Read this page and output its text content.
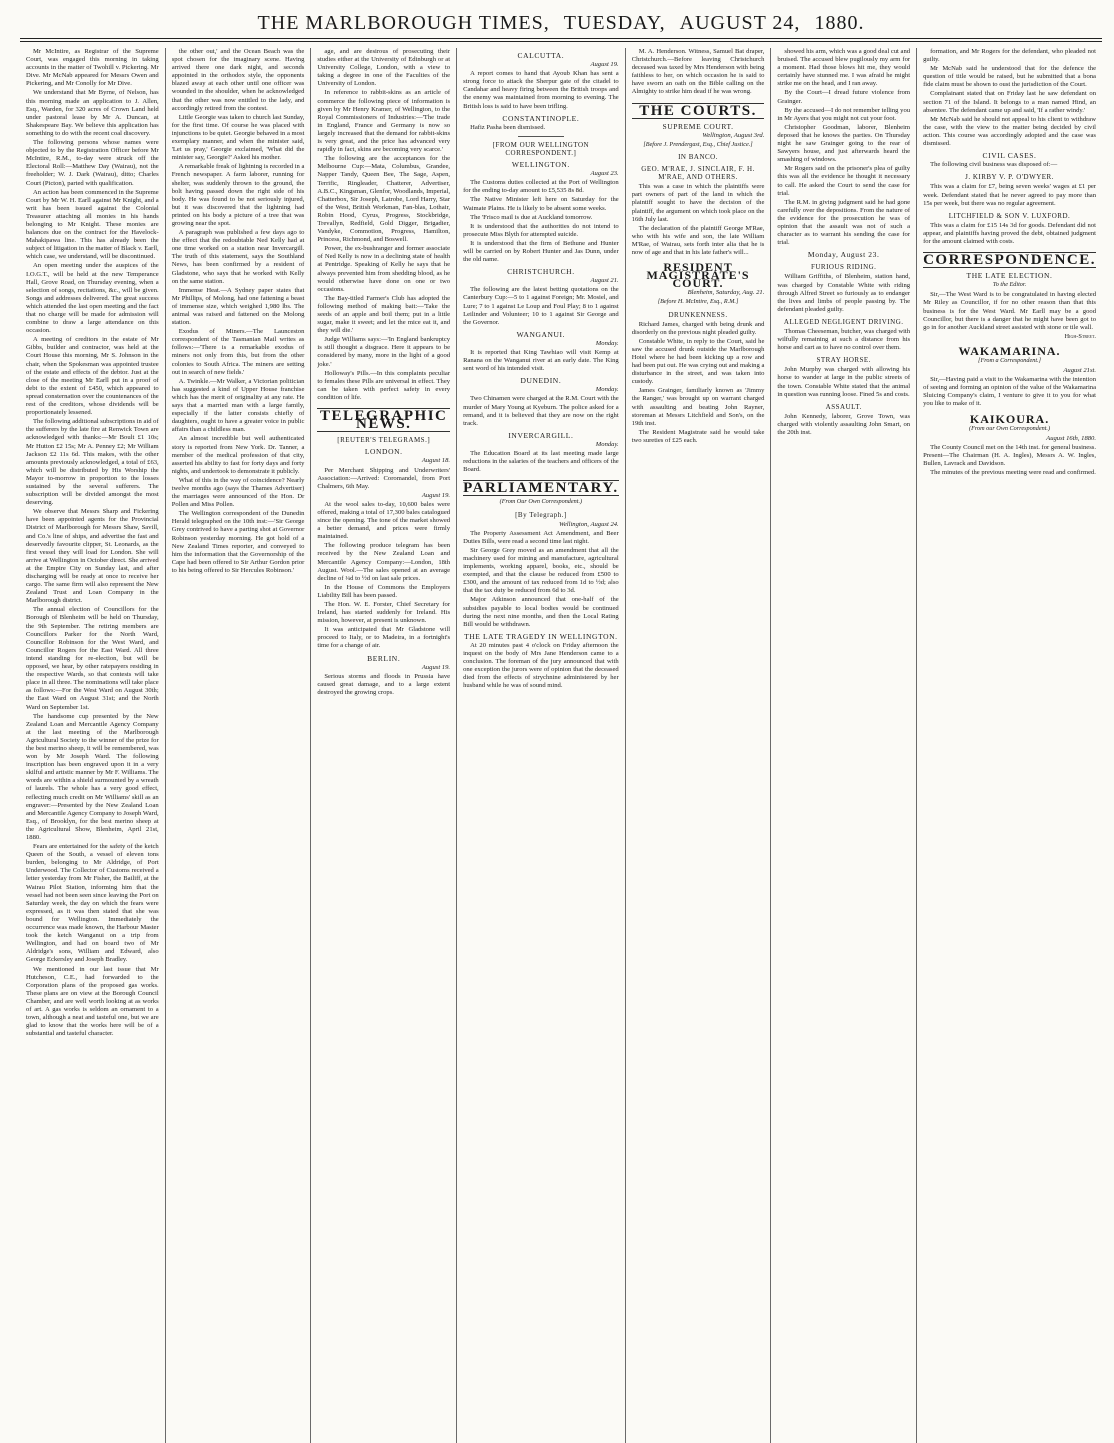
THE MARLBOROUGH TIMES, TUESDAY, AUGUST 24, 1880.

Mr McIntire, as Registrar of the Supreme Court, was engaged this morning in taking accounts in the matter of Twohill v. Pickering. Mr Dive. Mr McNab appeared for Messrs Owen and Pickering, and Mr Conolly for Mr Dive.

We understand that Mr Byrne, of Nelson, has this morning made an application to J. Allen, Esq., Warden, for 320 acres of Crown Land held under pastoral lease by Mr A. Duncan, at Shakespeare Bay. We believe this application has something to do with the recent coal discovery.

The following persons whose names were objected to by the Registration Officer before Mr McIntire, R.M., to-day were struck off the Electoral Roll:—Matthew Day (Wairau), not the freeholder; W. J. Dark (Wairau), ditto; Charles Court (Picton), parted with qualification.

An action has been commenced in the Supreme Court by Mr W. H. Earll against Mr Knight, and a writ has been issued against the Colonial Treasurer attaching all monies in his hands belonging to Mr Knight. These monies are balances due on the contract for the Havelock-Mahakipawa line. This has already been the subject of litigation in the matter of Black v. Earll, which case, we understand, will be discontinued.

An open meeting under the auspices of the I.O.G.T., will be held at the new Temperance Hall, Grove Road, on Thursday evening, when a selection of songs, recitations, &c., will be given. Songs and addresses delivered. The great success which attended the last open meeting and the fact that no charge will be made for admission will combine to draw a large attendance on this occasion.

A meeting of creditors in the estate of Mr Gibbs, builder and contractor, was held at the Court House this morning, Mr S. Johnson in the chair, when the Spokesman was appointed trustee of the estate and effects of the debtor. Just at the close of the meeting Mr Earll put in a proof of debt to the extent of £450, which appeared to spread consternation over the countenances of the rest of the creditors, whose dividends will be proportionately lessened.

The following additional subscriptions in aid of the sufferers by the late fire at Renwick Town are acknowledged with thanks:—Mr Boult £1 10s; Mr Hutton £2 15s; Mr A. Penney £2; Mr William Jackson £2 11s 6d. This makes, with the other amounts previously acknowledged, a total of £63, which will be distributed by His Worship the Mayor to-morrow in proportion to the losses sustained by the several sufferers. The subscription will be divided amongst the most deserving.

We observe that Messrs Sharp and Fickering have been appointed agents for the Provincial District of Marlborough for Messrs Shaw, Savill, and Co.'s line of ships, and advertise the fast and deservedly favourite clipper, St. Leonards, as the first vessel they will load for London. She will arrive at Wellington in October direct. She arrived at the Empire City on Sunday last, and after discharging will be ready at once to receive her cargo. The same firm will also represent the New Zealand Trust and Loan Company in the Marlborough district.

The annual election of Councillors for the Borough of Blenheim will be held on Thursday, the 9th September. The retiring members are Councillors Parker for the North Ward, Councillor Robinson for the West Ward, and Councillor Rogers for the East Ward. All three intend standing for re-election, but will be opposed, we hear, by other ratepayers residing in the respective Wards, so that contests will take place in all three. The nominations will take place as follows:—For the West Ward on August 30th; the East Ward on August 31st; and the North Ward on September 1st.

The handsome cup presented by the New Zealand Loan and Mercantile Agency Company at the last meeting of the Marlborough Agricultural Society to the winner of the prize for the best merino sheep, it will be remembered, was won by Mr Joseph Ward. The following inscription has been engraved upon it in a very skilful and artistic manner by Mr F. Williams. The words are within a shield surmounted by a wreath of laurels. The whole has a very good effect, reflecting much credit on Mr Williams' skill as an engraver:—Presented by the New Zealand Loan and Mercantile Agency Company to Joseph Ward, Esq., of Brooklyn, for the best merino sheep at the Agricultural Show, Blenheim, April 21st, 1880.

Fears are entertained for the safety of the ketch Queen of the South, a vessel of eleven tons burden, belonging to Mr Aldridge, of Port Underwood. The Collector of Customs received a letter yesterday from Mr Fisher, the Bailiff, at the Wairau Pilot Station, informing him that the vessel had not been seen since leaving the Port on Saturday week, the day on which the fears were expressed, as it was then stated that she was bound for Wellington. Immediately the occurrence was made known, the Harbour Master took the ketch Wanganui on a trip from Wellington, and had on board two of Mr Aldridge's sons, William and Edward, also George Eckersley and Joseph Bradley.

We mentioned in our last issue that Mr Hutcheson, C.E., had forwarded to the Corporation plans of the proposed gas works. These plans are on view at the Borough Council Chamber, and are well worth looking at as works of art. A gas works is seldom an ornament to a town, although a neat and tasteful one, but we are glad to know that the works here will be of a substantial and tasteful character.

the other out,' and the Ocean Beach was the spot chosen for the imaginary scene. Having arrived there one dark night, and seconds appointed in the orthodox style, the opponents blazed away at each other until one officer was wounded in the shoulder, when he acknowledged that the other was now entitled to the lady, and accordingly retired from the contest.

Little Georgie was taken to church last Sunday, for the first time. Of course he was placed with injunctions to be quiet. Georgie behaved in a most exemplary manner, and when the minister said, 'Let us pray,' Georgie exclaimed, 'What did the minister say, Georgie?' Asked his mother.

A remarkable freak of lightning is recorded in a French newspaper. A farm laborer, running for shelter, was suddenly thrown to the ground, the bolt having passed down the right side of his body. He was found to be not seriously injured, but it was discovered that the lightning had printed on his body a picture of a tree that was growing near the spot.

A paragraph was published a few days ago to the effect that the redoubtable Ned Kelly had at one time worked on a station near Invercargill. The truth of this statement, says the Southland News, has been confirmed by a resident of Gladstone, who says that he worked with Kelly on the same station.

Immense Heat.—A Sydney paper states that Mr Phillips, of Molong, had one fattening a beast of immense size, which weighed 1,980 lbs. The animal was raised and fattened on the Molong station.

Exodus of Miners.—The Launceston correspondent of the Tasmanian Mail writes as follows:—'There is a remarkable exodus of miners not only from this, but from the other colonies to South Africa. The miners are setting out in search of new fields.'

A. Twinkle.—Mr Walker, a Victorian politician has suggested a kind of Upper House franchise which has the merit of originality at any rate. He says that a married man with a large family, especially if the latter consists chiefly of daughters, ought to have a greater voice in public affairs than a childless man.

An almost incredible but well authenticated story is reported from New York. Dr. Tanner, a member of the medical profession of that city, asserted his ability to fast for forty days and forty nights, and undertook to demonstrate it publicly.

What of this in the way of coincidence? Nearly twelve months ago (says the Thames Advertiser) the marriages were announced of the Hon. Dr Pollen and Miss Pollen.

The Wellington correspondent of the Dunedin Herald telegraphed on the 10th inst:—'Sir George Grey contrived to have a parting shot at Governor Robinson yesterday morning. He got hold of a New Zealand Times reporter, and conveyed to him the information that the Governorship of the Cape had been offered to Sir Arthur Gordon prior to his being offered to Sir Hercules Robinson.'

age, and are desirous of prosecuting their studies either at the University of Edinburgh or at University College, London, with a view to taking a degree in one of the Faculties of the University of London.

In reference to rabbit-skins as an article of commerce the following piece of information is given by Mr Henry Kramer, of Wellington, to the Royal Commissioners of Industries:—'The trade in England, France and Germany is now so largely increased that the demand for rabbit-skins is very great, and the price has advanced very rapidly in fact, skins are becoming very scarce.'

The following are the acceptances for the Melbourne Cup:—Mata, Columbus, Grandee, Napper Tandy, Queen Bee, The Sage, Aspen, Terrific, Ringleader, Chatterer, Advertiser, A.B.C., Kingsman, Glenfor, Woodlands, Imperial, Chatterbox, Sir Joseph, Latrobe, Lord Harry, Star of the West, British Workman, Fan-blas, Lothair, Robin Hood, Cyrus, Progress, Stockbridge, Trevallyn, Redfield, Gold Digger, Brigadier, Vandyke, Commotion, Progress, Hamilton, Princess, Richmond, and Boswell.

Power, the ex-bushranger and former associate of Ned Kelly is now in a declining state of health at Pentridge. Speaking of Kelly he says that he always prevented him from shedding blood, as he would otherwise have done on one or two occasions.

The Bay-titled Farmer's Club has adopted the following method of making bait:—'Take the seeds of an apple and boil them; put in a little sugar, make it sweet; and let the mice eat it, and they will die.'

Judge Williams says:—'In England bankruptcy is still thought a disgrace. Here it appears to be considered by many, more in the light of a good joke.'

Holloway's Pills.—In this complaints peculiar to females these Pills are universal in effect. They can be taken with perfect safety in every condition of life.

TELEGRAPHIC NEWS.
[REUTER'S TELEGRAMS.]
LONDON.

August 18.

Per Merchant Shipping and Underwriters' Association:—Arrived: Coromandel, from Port Chalmers, 6th May.

August 19.

At the wool sales to-day, 10,600 bales were offered, making a total of 17,300 bales catalogued since the opening. The tone of the market showed a better demand, and prices were firmly maintained.

The following produce telegram has been received by the New Zealand Loan and Mercantile Agency Company:—London, 18th August. Wool.—The sales opened at an average decline of ¼d to ½d on last sale prices.

In the House of Commons the Employers Liability Bill has been passed.

The Hon. W. E. Forster, Chief Secretary for Ireland, has started suddenly for Ireland. His mission, however, at present is unknown.

It was anticipated that Mr Gladstone will proceed to Italy, or to Madeira, in a fortnight's time for a change of air.

BERLIN.

August 19.

Serious storms and floods in Prussia have caused great damage, and to a large extent destroyed the growing crops.

CALCUTTA.

August 19.

A report comes to hand that Ayoub Khan has sent a strong force to attack the Sherpur gate of the citadel to Candahar and heavy firing between the British troops and the enemy was maintained from morning to evening. The British loss is said to have been trifling.

CONSTANTINOPLE.

Hafiz Pasha been dismissed.

[FROM OUR WELLINGTON CORRESPONDENT.]
WELLINGTON.

August 23.

The Customs duties collected at the Port of Wellington for the ending to-day amount to £5,535 8s 8d.

The Native Minister left here on Saturday for the Waimate Plains. He is likely to be absent some weeks.

The 'Frisco mail is due at Auckland tomorrow.

It is understood that the authorities do not intend to prosecute Miss Blyth for attempted suicide.

It is understood that the firm of Bethune and Hunter will be carried on by Robert Hunter and Jas Dunn, under the old name.

CHRISTCHURCH.

August 21.

The following are the latest betting quotations on the Canterbury Cup:—5 to 1 against Foreign; Mr. Mosiel, and Lure; 7 to 1 against Le Loup and Foul Play; 8 to 1 against Leilinder and Volunteer; 10 to 1 against Sir George and the Governor.

WANGANUI.

Monday.

It is reported that King Tawhiao will visit Kemp at Ranana on the Wanganui river at an early date. The King sent word of his intended visit.

DUNEDIN.

Monday.

Two Chinamen were charged at the R.M. Court with the murder of Mary Young at Kyeburn. The police asked for a remand, and it is believed that they are now on the right track.

INVERCARGILL.

Monday.

The Education Board at its last meeting made large reductions in the salaries of the teachers and officers of the Board.

PARLIAMENTARY.
(From Our Own Correspondent.)
[By Telegraph.]

Wellington, August 24.

The Property Assessment Act Amendment, and Beer Duties Bills, were read a second time last night.

Sir George Grey moved as an amendment that all the machinery used for mining and manufacture, agricultural implements, working apparel, books, etc., should be exempted, and that the clause be reduced from £500 to £300, and the amount of tax reduced from 1d to ½d; also that the tax duty be reduced from 6d to 3d.

Major Atkinson announced that one-half of the subsidies payable to local bodies would be continued during the next nine months, and then the Local Rating Bill would be withdrawn.

THE LATE TRAGEDY IN WELLINGTON.

At 20 minutes past 4 o'clock on Friday afternoon the inquest on the body of Mrs Jane Henderson came to a conclusion. The foreman of the jury announced that with one exception the jurors were of opinion that the deceased died from the effects of strychnine administered by her husband while he was of sound mind.

M. A. Henderson. Witness, Samuel Bat draper, Christchurch.—Before leaving Christchurch deceased was taxed by Mrs Henderson with being faithless to her, on which occasion he is said to have sworn an oath on the Bible calling on the Almighty to strike him dead if he was wrong.

THE COURTS.
SUPREME COURT.

Wellington, August 3rd.

[Before J. Prendergast, Esq., Chief Justice.]
IN BANCO.
GEO. M'RAE, J. SINCLAIR, F. H. M'RAE, AND OTHERS.

This was a case in which the plaintiffs were part owners of part of the land in which the plaintiff sought to have the decision of the plaintiff, the argument on which took place on the 16th July last.

The declaration of the plaintiff George M'Rae, who with his wife and son, the late William M'Rae, of Wairau, sets forth inter alia that he is now of age and that in his late father's will...

RESIDENT MAGISTRATE'S COURT.

Blenheim, Saturday, Aug. 21.

[Before H. McIntire, Esq., R.M.]
DRUNKENNESS.

Richard James, charged with being drunk and disorderly on the previous night pleaded guilty.

Constable White, in reply to the Court, said he saw the accused drunk outside the Marlborough Hotel where he had been kicking up a row and had been put out. He was crying out and making a disturbance in the street, and was taken into custody.

James Grainger, familiarly known as 'Jimmy the Ranger,' was brought up on warrant charged with assaulting and beating John Rayner, storeman at Messrs Litchfield and Son's, on the 19th inst.

The Resident Magistrate said he would take two sureties of £25 each.

showed his arm, which was a good deal cut and bruised. The accused blew pugilously my arm for a moment. Had those blows hit me, they would certainly have stunned me. I was afraid he might strike me on the head, and I ran away.

By the Court—I dread future violence from Grainger.

By the accused—I do not remember telling you in Mr Ayers that you might not cut your foot.

Christopher Goodman, laborer, Blenheim deposed that he knows the parties. On Thursday night he saw Grainger going to the rear of Sawyers house, and just afterwards heard the smashing of windows.

Mr Rogers said on the prisoner's plea of guilty this was all the evidence he thought it necessary to call. He asked the Court to send the case for trial.

The R.M. in giving judgment said he had gone carefully over the depositions. From the nature of the evidence for the prosecution he was of opinion that the assault was not of such a character as to warrant his sending the case for trial.

Monday, August 23.
FURIOUS RIDING.

William Griffiths, of Blenheim, station hand, was charged by Constable White with riding through Alfred Street so furiously as to endanger the lives and limbs of people passing by. The defendant pleaded guilty.

ALLEGED NEGLIGENT DRIVING.

Thomas Cheeseman, butcher, was charged with wilfully remaining at such a distance from his horse and cart as to have no control over them.

STRAY HORSE.

John Murphy was charged with allowing his horse to wander at large in the public streets of the town. Constable White stated that the animal in question was running loose. Fined 5s and costs.

ASSAULT.

John Kennedy, laborer, Grove Town, was charged with violently assaulting John Smart, on the 20th inst.

formation, and Mr Rogers for the defendant, who pleaded not guilty.

Mr McNab said he understood that for the defence the question of title would be raised, but he submitted that a bona fide claim must be shown to oust the jurisdiction of the Court.

Complainant stated that on Friday last he saw defendant on section 71 of the Island. It belongs to a man named Hind, an absentee. The defendant came up and said, 'If a rather windy.'

Mr McNab said he should not appeal to his client to withdraw the case, with the view to the matter being decided by civil action. This course was accordingly adopted and the case was dismissed.

CIVIL CASES.

The following civil business was disposed of:—

J. KIRBY V. P. O'DWYER.

This was a claim for £7, being seven weeks' wages at £1 per week. Defendant stated that he never agreed to pay more than 15s per week, but there was no regular agreement.

LITCHFIELD & SON V. LUXFORD.

This was a claim for £15 14s 3d for goods. Defendant did not appear, and plaintiffs having proved the debt, obtained judgment for the amount claimed with costs.

CORRESPONDENCE.
THE LATE ELECTION.
To the Editor.

Sir,—The West Ward is to be congratulated in having elected Mr Riley as Councillor, if for no other reason than that this business is for the West Ward. Mr Earll may be a good Councillor, but there is a danger that he might have been got to go in for another Auckland street assisted with stone or tile wall.

High-Street.
WAKAMARINA.
[From a Correspondent.]

August 21st.

Sir,—Having paid a visit to the Wakamarina with the intention of seeing and forming an opinion of the value of the Wakamarina Sluicing Company's claim, I venture to give it to you for what you like to make of it.

KAIKOURA.
(From our Own Correspondent.)

August 16th, 1880.

The County Council met on the 14th inst. for general business. Present—The Chairman (H. A. Ingles), Messrs A. W. Ingles, Bullen, Lavrack and Davidson.

The minutes of the previous meeting were read and confirmed.
